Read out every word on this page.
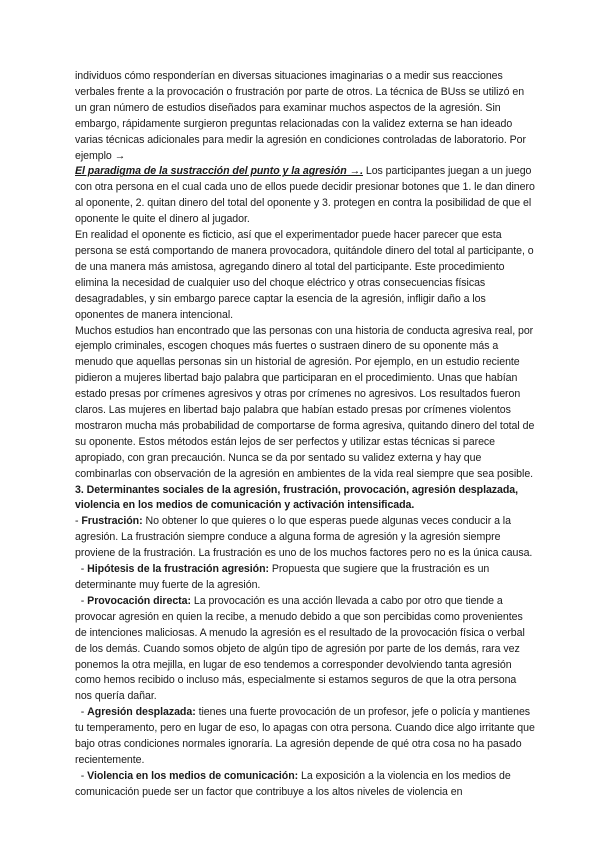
individuos cómo responderían en diversas situaciones imaginarias o a medir sus reacciones verbales frente a la provocación o frustración por parte de otros. La técnica de BUss se utilizó en un gran número de estudios diseñados para examinar muchos aspectos de la agresión. Sin embargo, rápidamente surgieron preguntas relacionadas con la validez externa se han ideado varias técnicas adicionales para medir la agresión en condiciones controladas de laboratorio. Por ejemplo →

El paradigma de la sustracción del punto y la agresión →. Los participantes juegan a un juego con otra persona en el cual cada uno de ellos puede decidir presionar botones que 1. le dan dinero al oponente, 2. quitan dinero del total del oponente y 3. protegen en contra la posibilidad de que el oponente le quite el dinero al jugador.

En realidad el oponente es ficticio, así que el experimentador puede hacer parecer que esta persona se está comportando de manera provocadora, quitándole dinero del total al participante, o de una manera más amistosa, agregando dinero al total del participante. Este procedimiento elimina la necesidad de cualquier uso del choque eléctrico y otras consecuencias físicas desagradables, y sin embargo parece captar la esencia de la agresión, infligir daño a los oponentes de manera intencional.

Muchos estudios han encontrado que las personas con una historia de conducta agresiva real, por ejemplo criminales, escogen choques más fuertes o sustraen dinero de su oponente más a menudo que aquellas personas sin un historial de agresión. Por ejemplo, en un estudio reciente pidieron a mujeres libertad bajo palabra que participaran en el procedimiento. Unas que habían estado presas por crímenes agresivos y otras por crímenes no agresivos. Los resultados fueron claros. Las mujeres en libertad bajo palabra que habían estado presas por crímenes violentos mostraron mucha más probabilidad de comportarse de forma agresiva, quitando dinero del total de su oponente. Estos métodos están lejos de ser perfectos y utilizar estas técnicas si parece apropiado, con gran precaución. Nunca se da por sentado su validez externa y hay que combinarlas con observación de la agresión en ambientes de la vida real siempre que sea posible.

3. Determinantes sociales de la agresión, frustración, provocación, agresión desplazada, violencia en los medios de comunicación y activación intensificada.

- Frustración: No obtener lo que quieres o lo que esperas puede algunas veces conducir a la agresión. La frustración siempre conduce a alguna forma de agresión y la agresión siempre proviene de la frustración. La frustración es uno de los muchos factores pero no es la única causa.

- Hipótesis de la frustración agresión: Propuesta que sugiere que la frustración es un determinante muy fuerte de la agresión.

- Provocación directa: La provocación es una acción llevada a cabo por otro que tiende a provocar agresión en quien la recibe, a menudo debido a que son percibidas como provenientes de intenciones maliciosas. A menudo la agresión es el resultado de la provocación física o verbal de los demás. Cuando somos objeto de algún tipo de agresión por parte de los demás, rara vez ponemos la otra mejilla, en lugar de eso tendemos a corresponder devolviendo tanta agresión como hemos recibido o incluso más, especialmente si estamos seguros de que la otra persona nos quería dañar.

- Agresión desplazada: tienes una fuerte provocación de un profesor, jefe o policía y mantienes tu temperamento, pero en lugar de eso, lo apagas con otra persona. Cuando dice algo irritante que bajo otras condiciones normales ignoraría. La agresión depende de qué otra cosa no ha pasado recientemente.

- Violencia en los medios de comunicación: La exposición a la violencia en los medios de comunicación puede ser un factor que contribuye a los altos niveles de violencia en
